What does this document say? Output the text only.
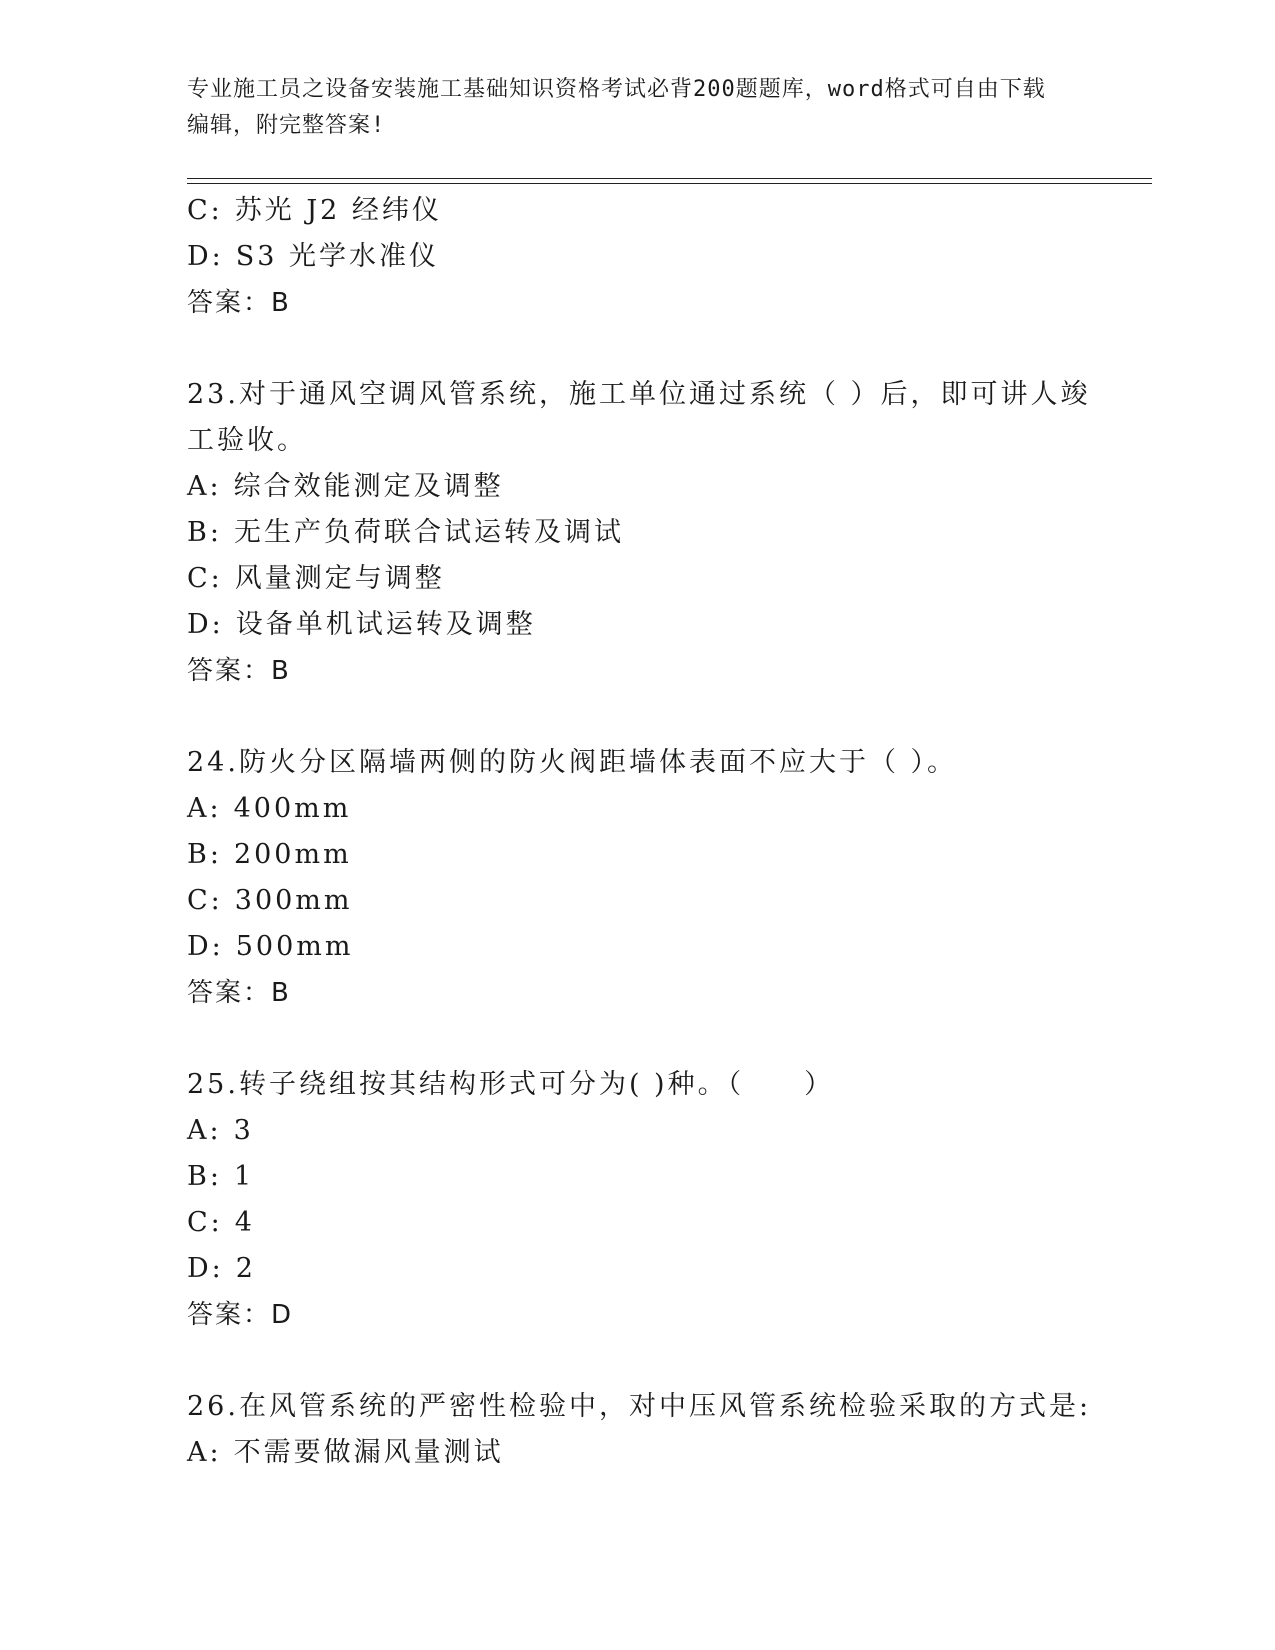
专业施工员之设备安装施工基础知识资格考试必背200题题库，word格式可自由下载编辑，附完整答案!
C: 苏光 J2 经纬仪
D: S3 光学水准仪
答案：B
23.对于通风空调风管系统，施工单位通过系统（ ）后，即可讲人竣
工验收。
A: 综合效能测定及调整
B: 无生产负荷联合试运转及调试
C: 风量测定与调整
D: 设备单机试运转及调整
答案：B
24.防火分区隔墙两侧的防火阀距墙体表面不应大于（ ）。
A: 400mm
B: 200mm
C: 300mm
D: 500mm
答案：B
25.转子绕组按其结构形式可分为( )种。（　　）
A: 3
B: 1
C: 4
D: 2
答案：D
26.在风管系统的严密性检验中，对中压风管系统检验采取的方式是:
A: 不需要做漏风量测试
